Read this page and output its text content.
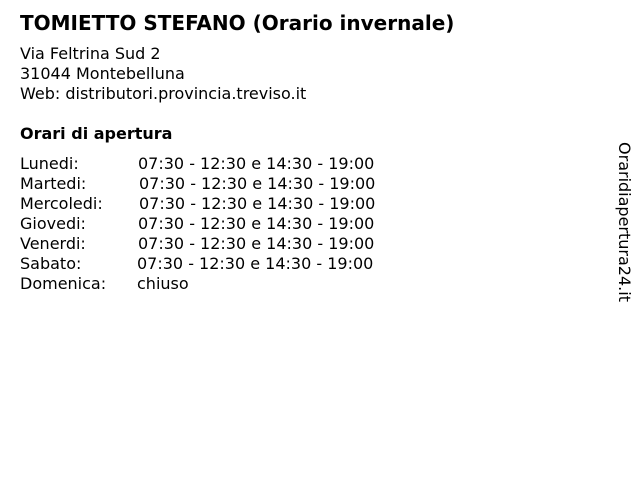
TOMIETTO STEFANO (Orario invernale)
Via Feltrina Sud 2
31044 Montebelluna
Web: distributori.provincia.treviso.it
Orari di apertura
Lunedi:	07:30 - 12:30 e 14:30 - 19:00
Martedi:	07:30 - 12:30 e 14:30 - 19:00
Mercoledi: 07:30 - 12:30 e 14:30 - 19:00
Giovedi:	07:30 - 12:30 e 14:30 - 19:00
Venerdi:	07:30 - 12:30 e 14:30 - 19:00
Sabato:	07:30 - 12:30 e 14:30 - 19:00
Domenica: chiuso	Oraridiapertura24.it
